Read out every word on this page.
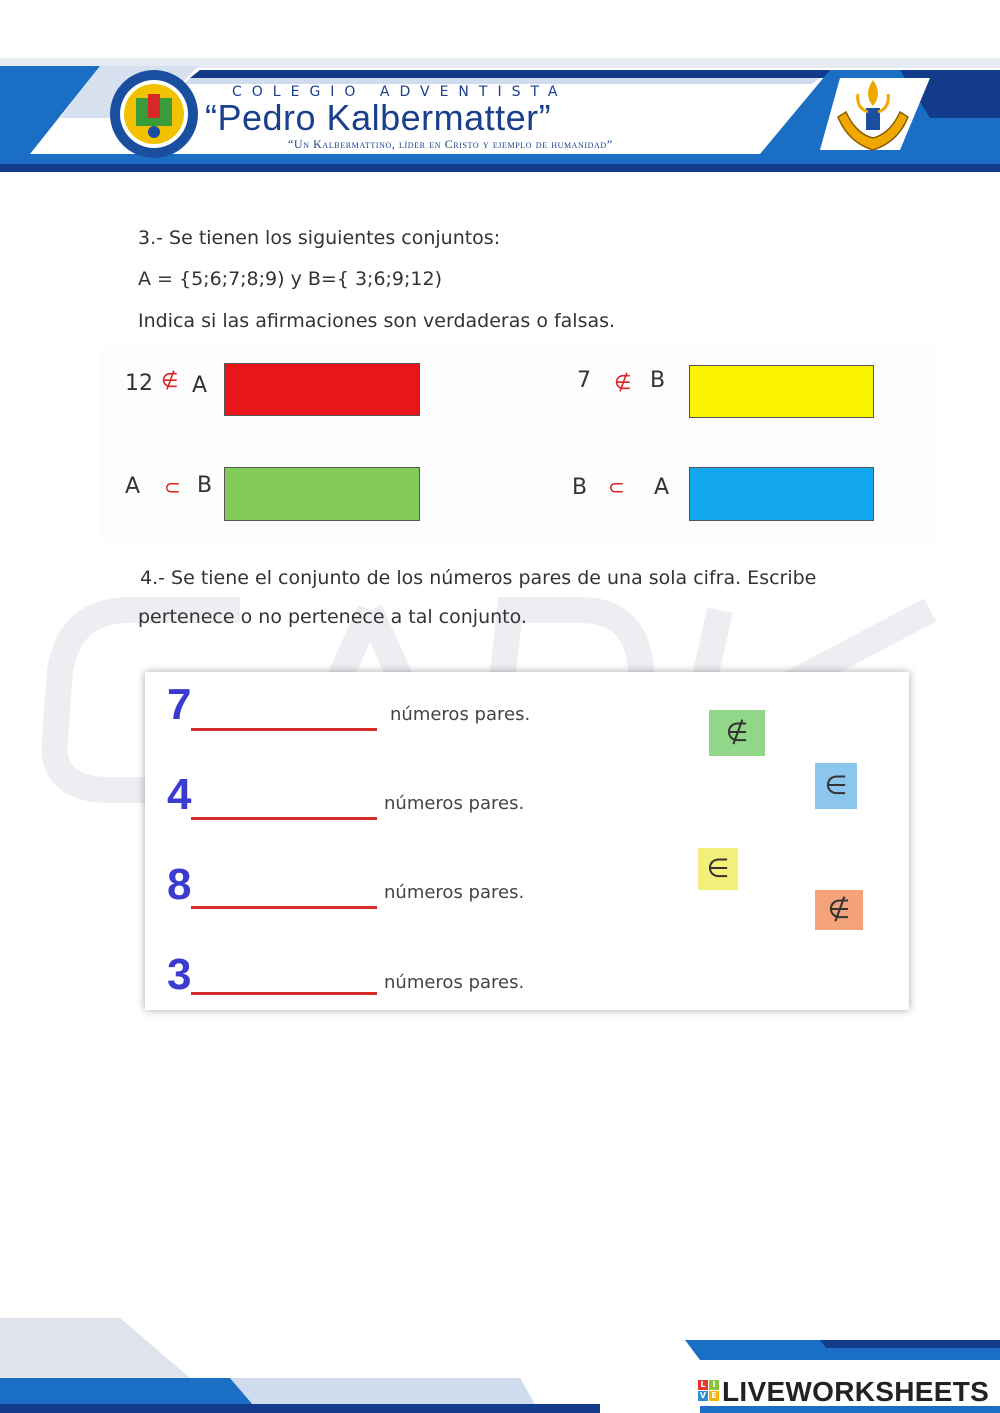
COLEGIO ADVENTISTA
“Pedro Kalbermatter”
“Un Kalbermattino, líder en Cristo y ejemplo de humanidad”
3.- Se tienen los siguientes conjuntos:
A = {5;6;7;8;9) y B={ 3;6;9;12)
Indica si las afirmaciones son verdaderas o falsas.
12 ∉ A	7 ∉ B
A ⊂ B	B ⊂ A
4.- Se tiene el conjunto de los números pares de una sola cifra. Escribe
pertenece o no pertenece a tal conjunto.
7	números pares.
4	números pares.
8	números pares.
3	números pares.
∉
∈
∈
∉
L I
V E LIVEWORKSHEETS
